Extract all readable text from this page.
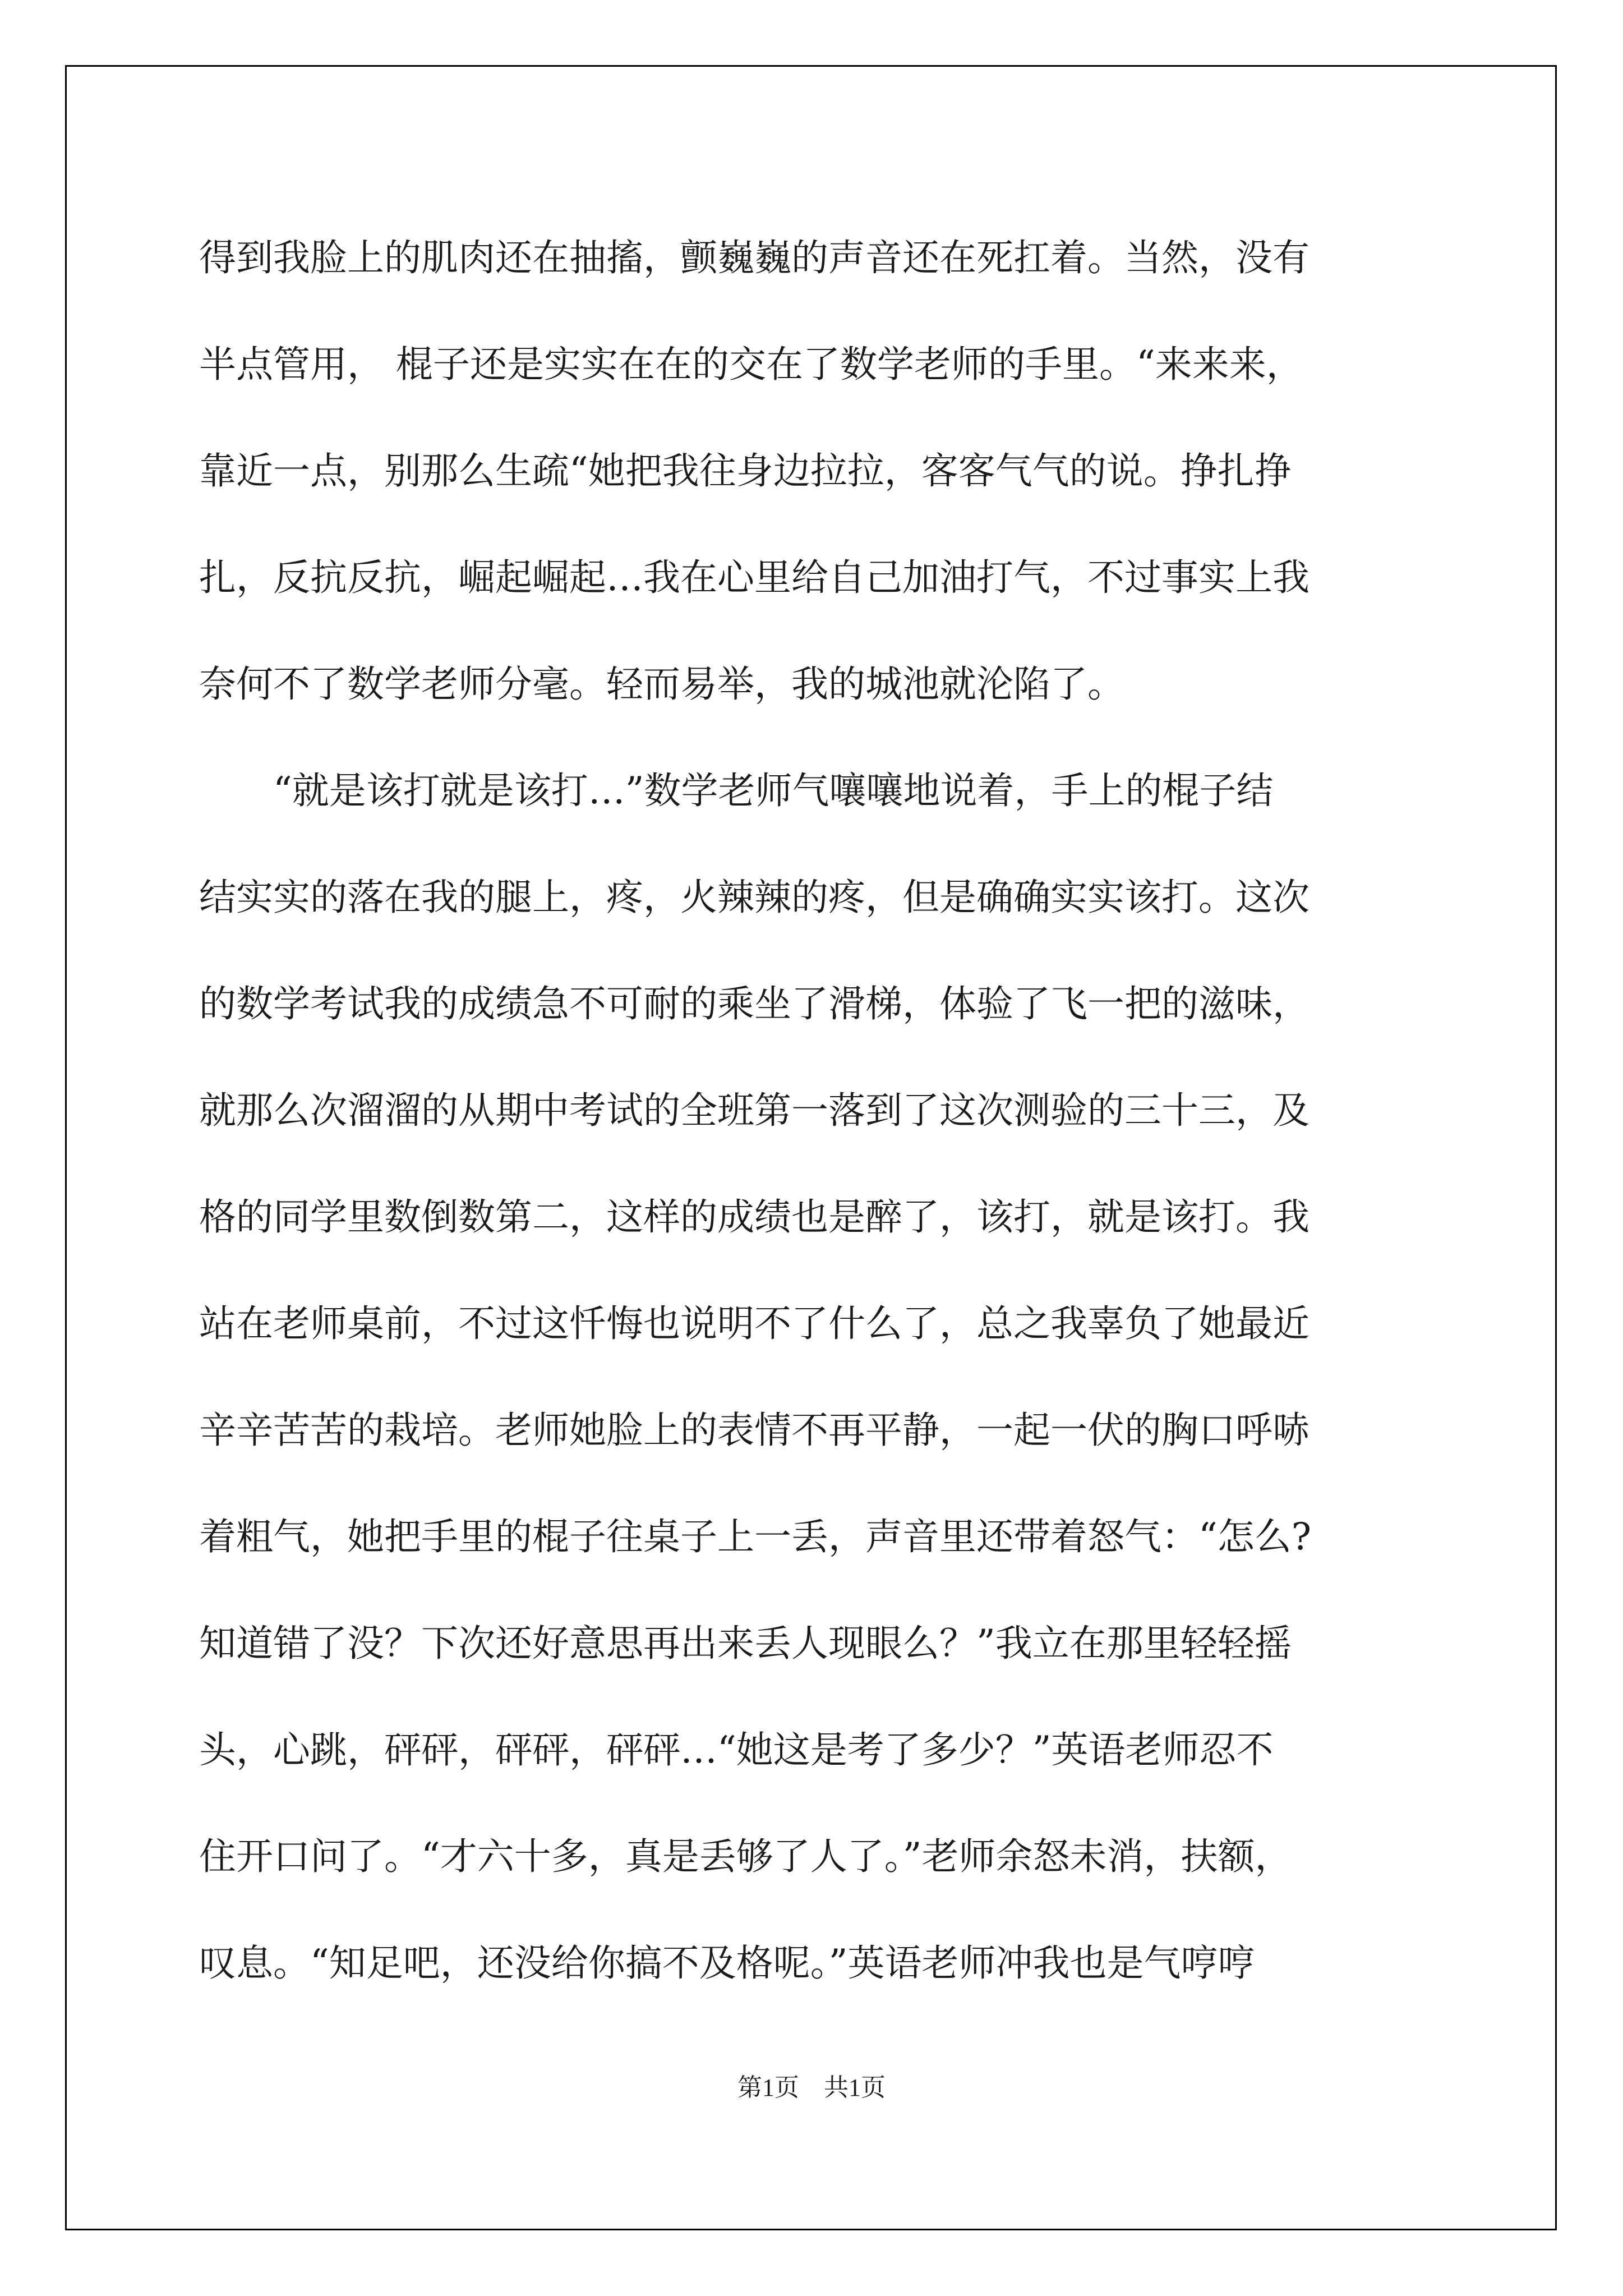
得到我脸上的肌肉还在抽搐，颤巍巍的声音还在死扛着。当然，没有
半点管用， 棍子还是实实在在的交在了数学老师的手里。“来来来，
靠近一点，别那么生疏“她把我往身边拉拉，客客气气的说。挣扎挣
扎，反抗反抗，崛起崛起…我在心里给自己加油打气，不过事实上我
奈何不了数学老师分毫。轻而易举，我的城池就沦陷了。
“就是该打就是该打…”数学老师气嚷嚷地说着，手上的棍子结
结实实的落在我的腿上，疼，火辣辣的疼，但是确确实实该打。这次
的数学考试我的成绩急不可耐的乘坐了滑梯，体验了飞一把的滋味，
就那么次溜溜的从期中考试的全班第一落到了这次测验的三十三，及
格的同学里数倒数第二，这样的成绩也是醉了，该打，就是该打。我
站在老师桌前，不过这忏悔也说明不了什么了，总之我辜负了她最近
辛辛苦苦的栽培。老师她脸上的表情不再平静，一起一伏的胸口呼哧
着粗气，她把手里的棍子往桌子上一丢，声音里还带着怒气：“怎么?
知道错了没？下次还好意思再出来丢人现眼么？”我立在那里轻轻摇
头，心跳，砰砰，砰砰，砰砰…“她这是考了多少？”英语老师忍不
住开口问了。“才六十多，真是丢够了人了。”老师余怒未消，扶额，
叹息。“知足吧，还没给你搞不及格呢。”英语老师冲我也是气哼哼
第1页　共1页
